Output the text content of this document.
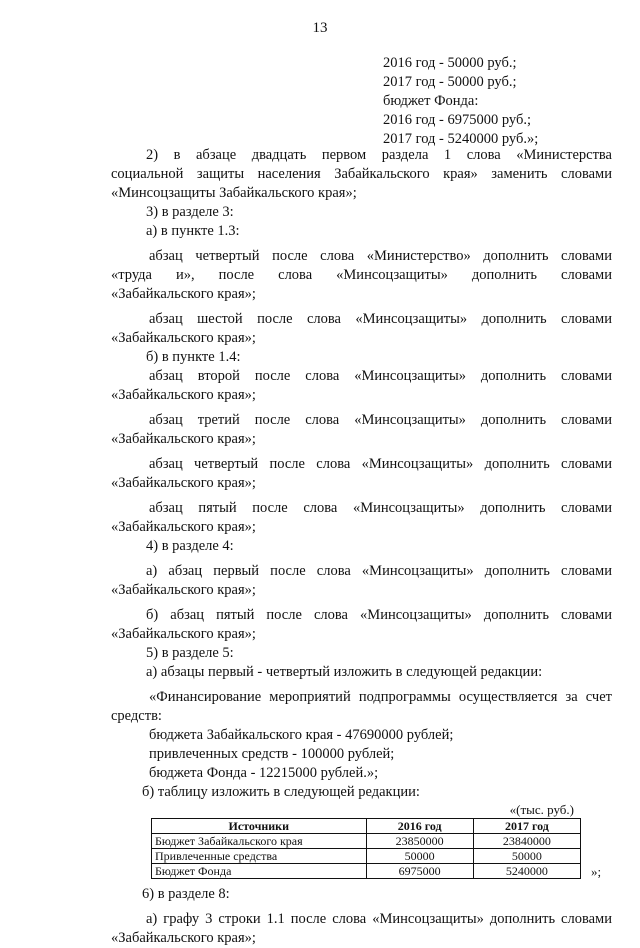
13
2016 год - 50000 руб.;
2017 год - 50000 руб.;
бюджет Фонда:
2016 год - 6975000 руб.;
2017 год - 5240000 руб.»;
2) в абзаце двадцать первом раздела 1 слова «Министерства
социальной защиты населения Забайкальского края» заменить словами
«Минсоцзащиты Забайкальского края»;
3) в разделе 3:
а) в пункте 1.3:
абзац четвертый после слова «Министерство» дополнить словами
«труда и», после слова «Минсоцзащиты» дополнить словами
«Забайкальского края»;
абзац шестой после слова «Минсоцзащиты» дополнить словами
«Забайкальского края»;
б) в пункте 1.4:
абзац второй после слова «Минсоцзащиты» дополнить словами
«Забайкальского края»;
абзац третий после слова «Минсоцзащиты» дополнить словами
«Забайкальского края»;
абзац четвертый после слова «Минсоцзащиты» дополнить словами
«Забайкальского края»;
абзац пятый после слова «Минсоцзащиты» дополнить словами
«Забайкальского края»;
4) в разделе 4:
а) абзац первый после слова «Минсоцзащиты» дополнить словами
«Забайкальского края»;
б) абзац пятый после слова «Минсоцзащиты» дополнить словами
«Забайкальского края»;
5) в разделе 5:
а) абзацы первый - четвертый изложить в следующей редакции:
«Финансирование мероприятий подпрограммы осуществляется за счет
средств:
бюджета Забайкальского края - 47690000 рублей;
привлеченных средств - 100000 рублей;
бюджета Фонда - 12215000 рублей.»;
б) таблицу изложить в следующей редакции:
«(тыс. руб.)
Источники	2016 год	2017 год
Бюджет Забайкальского края	23850000	23840000
Привлеченные средства	50000	50000
Бюджет Фонда	6975000	5240000	»;
6) в разделе 8:
а) графу 3 строки 1.1 после слова «Минсоцзащиты» дополнить словами
«Забайкальского края»;
